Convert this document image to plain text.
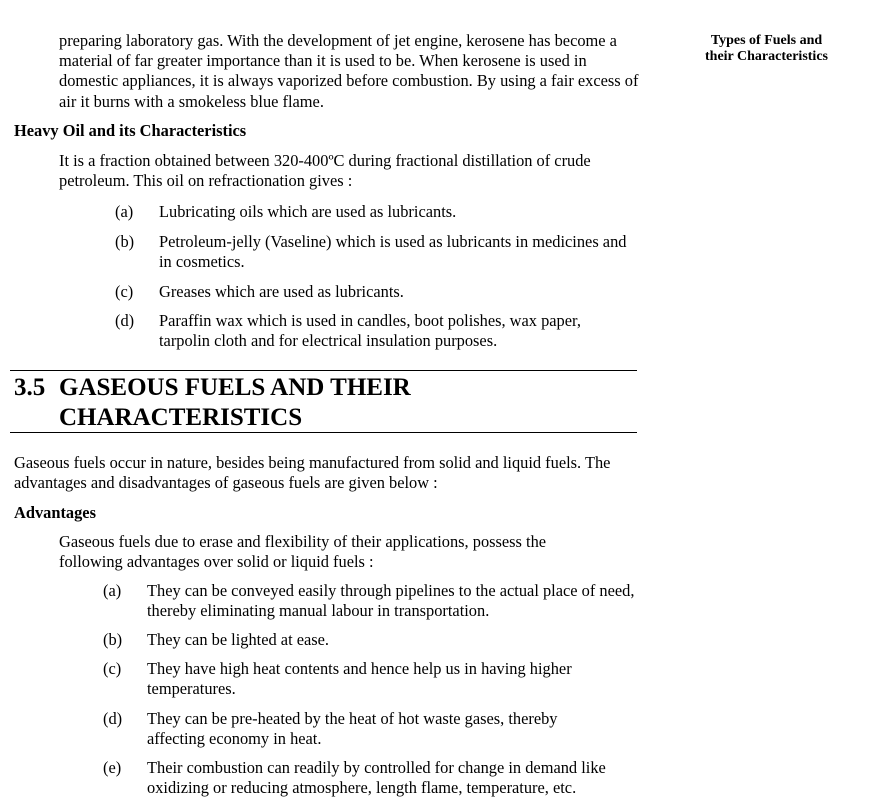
Types of Fuels and their Characteristics
preparing laboratory gas. With the development of jet engine, kerosene has become a material of far greater importance than it is used to be. When kerosene is used in domestic appliances, it is always vaporized before combustion. By using a fair excess of air it burns with a smokeless blue flame.
Heavy Oil and its Characteristics
It is a fraction obtained between 320-400ºC during fractional distillation of crude petroleum. This oil on refractionation gives :
(a) Lubricating oils which are used as lubricants.
(b) Petroleum-jelly (Vaseline) which is used as lubricants in medicines and in cosmetics.
(c) Greases which are used as lubricants.
(d) Paraffin wax which is used in candles, boot polishes, wax paper, tarpolin cloth and for electrical insulation purposes.
3.5 GASEOUS FUELS AND THEIR CHARACTERISTICS
Gaseous fuels occur in nature, besides being manufactured from solid and liquid fuels. The advantages and disadvantages of gaseous fuels are given below :
Advantages
Gaseous fuels due to erase and flexibility of their applications, possess the following advantages over solid or liquid fuels :
(a) They can be conveyed easily through pipelines to the actual place of need, thereby eliminating manual labour in transportation.
(b) They can be lighted at ease.
(c) They have high heat contents and hence help us in having higher temperatures.
(d) They can be pre-heated by the heat of hot waste gases, thereby affecting economy in heat.
(e) Their combustion can readily by controlled for change in demand like oxidizing or reducing atmosphere, length flame, temperature, etc.
